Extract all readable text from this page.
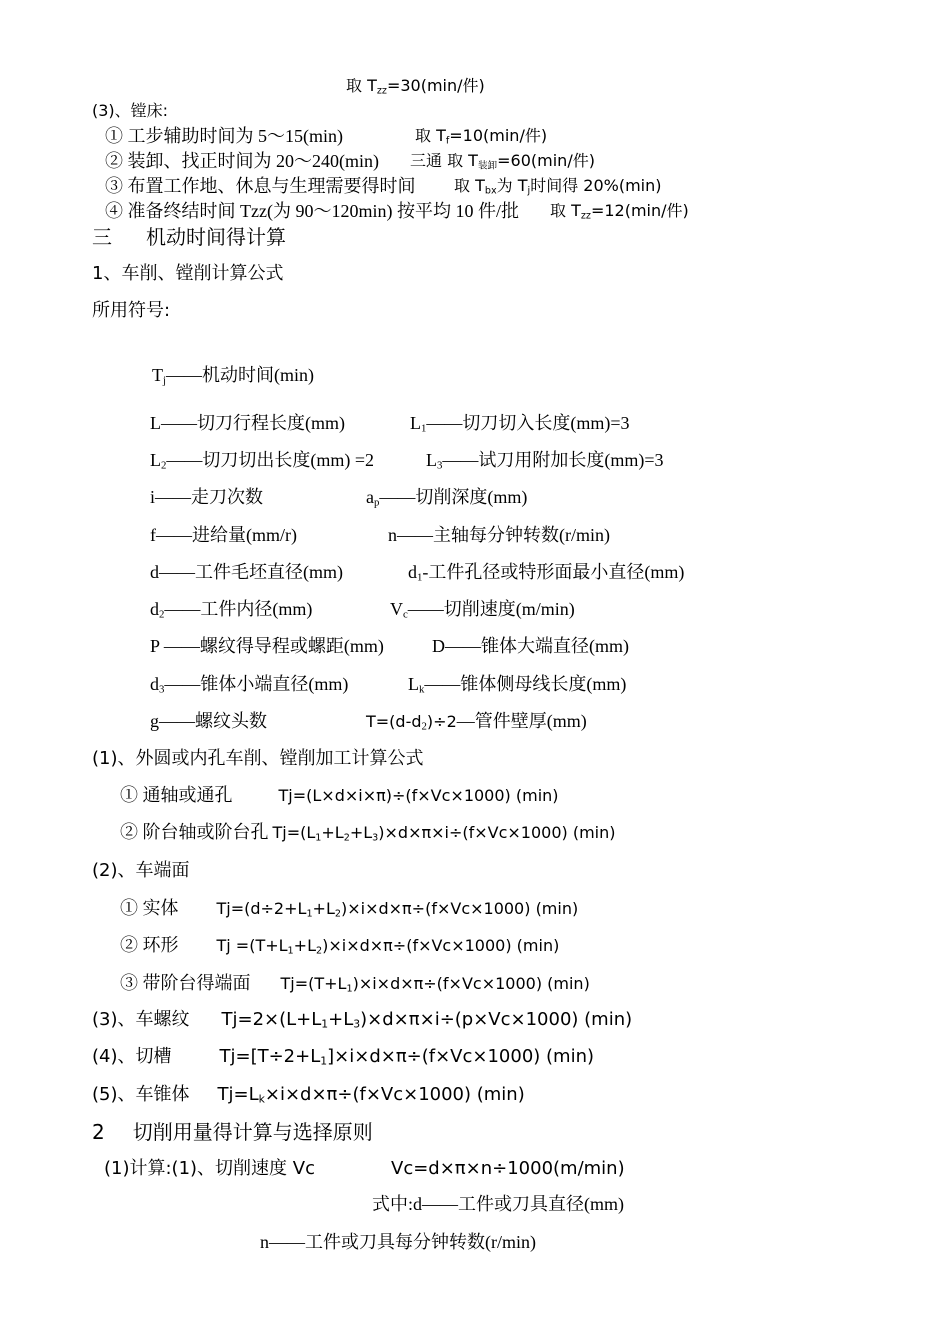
取 $T_{zz}=30(\min/$件)
(3)、镗床:
① 工步辅助时间为 5～15(min)	取 $T_f=10(\min/$件)
② 装卸、找正时间为 20～240(min) 三通 取 $T_{装卸}=60(\min/$件)
③ 布置工作地、休息与生理需要得时间 取 $T_{bx}$为 $T_j$时间得 20%(min)
④ 准备终结时间 Tzz(为 90～120min) 按平均 10 件/批 取 $T_{zz}=12(\min/$件)
三 机动时间得计算
1、车削、镗削计算公式
所用符号:
$T_j——$机动时间(min)
L——切刀行程长度(mm)	$L_1——$切刀切入长度(mm)=3
$L_2——$切刀切出长度(mm) =2	$L_3——$试刀用附加长度(mm)=3
i——走刀次数	$a_p——$切削深度(mm)
f——进给量(mm/r)	n——主轴每分钟转数(r/min)
d——工件毛坯直径(mm)	$d_1-$工件孔径或特形面最小直径(mm)
$d_2——$工件内径(mm)	$V_c——$切削速度(m/min)
P ——螺纹得导程或螺距(mm)	D——锥体大端直径(mm)
$d_3——$锥体小端直径(mm)	$L_k——$锥体侧母线长度(mm)
g——螺纹头数	$T=(d-d_2)\div 2—$管件壁厚(mm)
(1)、外圆或内孔车削、镗削加工计算公式
① 通轴或通孔	Tj=(L×d×i×π)÷(f×Vc×1000) (min)
② 阶台轴或阶台孔 $Tj=(L_1+L_2+L_3)\times d\times\pi\times i\div(f\times Vc\times 1000)$ (min)
(2)、车端面
① 实体 $Tj=(d\div 2+L_1+L_2)\times i\times d\times\pi\div(f\times Vc\times 1000)$ (min)
② 环形 $Tj =(T+L_1+L_2)\times i\times d\times\pi\div(f\times Vc\times 1000)$ (min)
③ 带阶台得端面 $Tj=(T+L_1)\times i\times d\times\pi\div(f\times Vc\times 1000)$ (min)
(3)、车螺纹 $Tj=2\times(L+L_1+L_3)\times d\times\pi\times i\div(p\times Vc\times 1000)$ (min)
(4)、切槽	$Tj=[T\div 2+L_1]\times i\times d\times\pi\div(f\times Vc\times 1000)$ (min)
(5)、车锥体 $Tj=L_k\times i\times d\times\pi\div(f\times Vc\times 1000)$ (min)
2 切削用量得计算与选择原则
(1)计算:(1)、切削速度 Vc	Vc=d×π×n÷1000(m/min)
式中:d——工件或刀具直径(mm)
n——工件或刀具每分钟转数(r/min)
